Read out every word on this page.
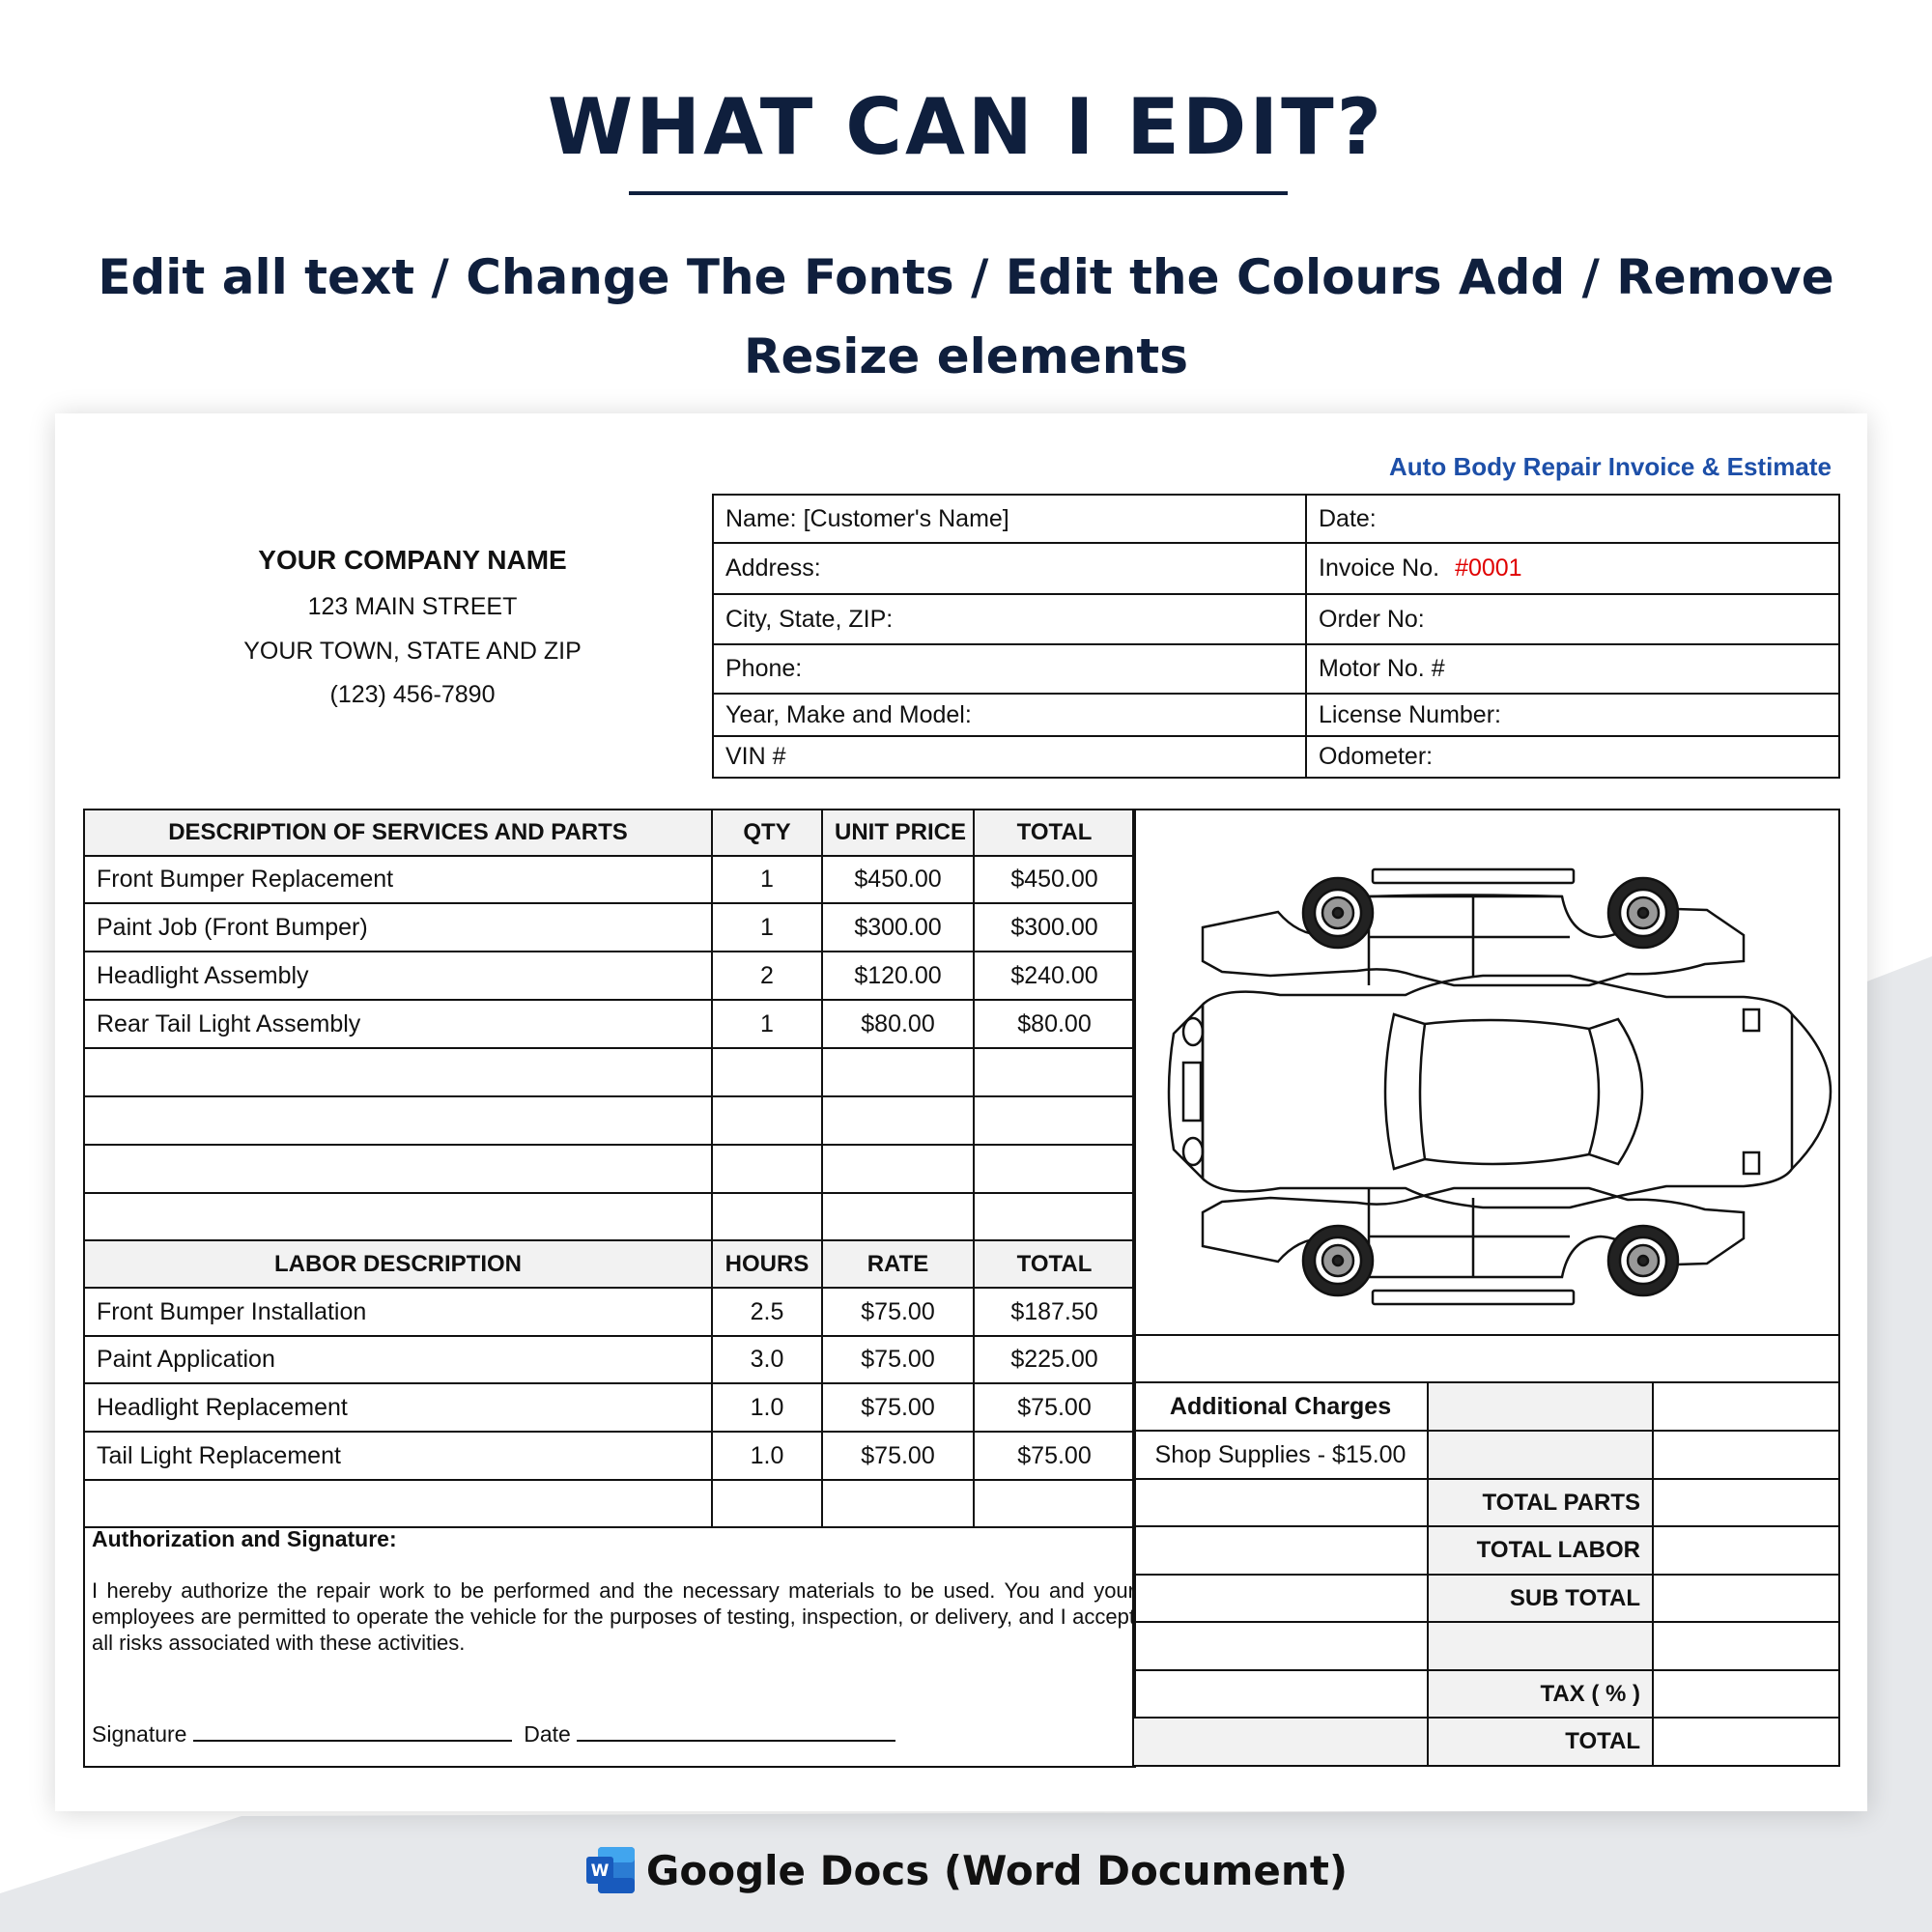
WHAT CAN I EDIT?

Edit all text / Change The Fonts / Edit the Colours Add / Remove

Resize elements

Auto Body Repair Invoice & Estimate
YOUR COMPANY NAME
123 MAIN STREET
YOUR TOWN, STATE AND ZIP
(123) 456-7890
Name: [Customer's Name]	Date:
Address:	Invoice No. #0001
City, State, ZIP:	Order No:
Phone:	Motor No. #
Year, Make and Model:	License Number:
VIN #	Odometer:
DESCRIPTION OF SERVICES AND PARTS	QTY	UNIT PRICE	TOTAL
Front Bumper Replacement	1	$450.00	$450.00
Paint Job (Front Bumper)	1	$300.00	$300.00
Headlight Assembly	2	$120.00	$240.00
Rear Tail Light Assembly	1	$80.00	$80.00

LABOR DESCRIPTION	HOURS	RATE	TOTAL
Front Bumper Installation	2.5	$75.00	$187.50
Paint Application	3.0	$75.00	$225.00
Headlight Replacement	1.0	$75.00	$75.00
Tail Light Replacement	1.0	$75.00	$75.00

Additional Charges		
Shop Supplies - $15.00		
	TOTAL PARTS	
	TOTAL LABOR	
	SUB TOTAL	

	TAX ( % )	
	TOTAL	
Authorization and Signature:
I hereby authorize the repair work to be performed and the necessary materials to be used. You and your employees are permitted to operate the vehicle for the purposes of testing, inspection, or delivery, and I accept all risks associated with these activities.
Signature	Date
W Google Docs (Word Document)
